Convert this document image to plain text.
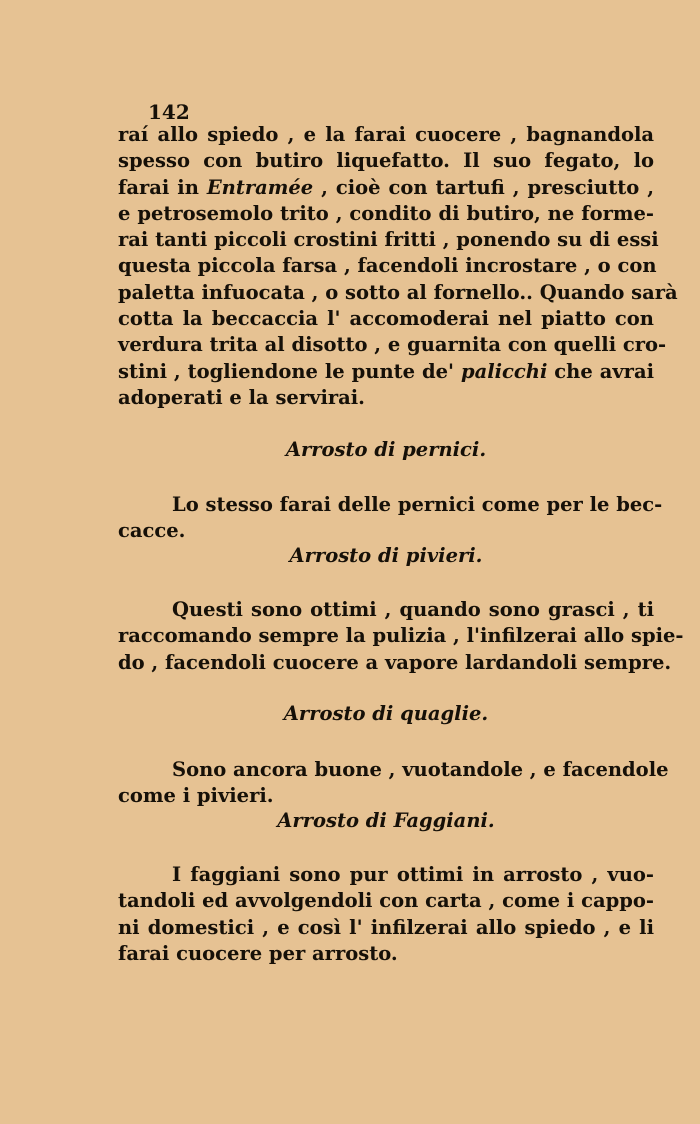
142

raí allo spiedo , e la farai cuocere , bagnandola
spesso con butiro liquefatto. Il suo fegato, lo
farai in Entramée , cioè con tartufi , presciutto ,
e petrosemolo trito , condito di butiro, ne forme-
rai tanti piccoli crostini fritti , ponendo su di essi
questa piccola farsa , facendoli incrostare , o con
paletta infuocata , o sotto al fornello.. Quando sarà
cotta la beccaccia l' accomoderai nel piatto con
verdura trita al disotto , e guarnita con quelli cro-
stini , togliendone le punte de' palicchi che avrai
adoperati e la servirai.
Arrosto di pernici.
Lo stesso farai delle pernici come per le bec-
cacce.
Arrosto di pivieri.
Questi sono ottimi , quando sono grasci , ti
raccomando sempre la pulizia , l'infilzerai allo spie-
do , facendoli cuocere a vapore lardandoli sempre.
Arrosto di quaglie.
Sono ancora buone , vuotandole , e facendole
come i pivieri.
Arrosto di Faggiani.
I faggiani sono pur ottimi in arrosto , vuo-
tandoli ed avvolgendoli con carta , come i cappo-
ni domestici , e così l' infilzerai allo spiedo , e li
farai cuocere per arrosto.
